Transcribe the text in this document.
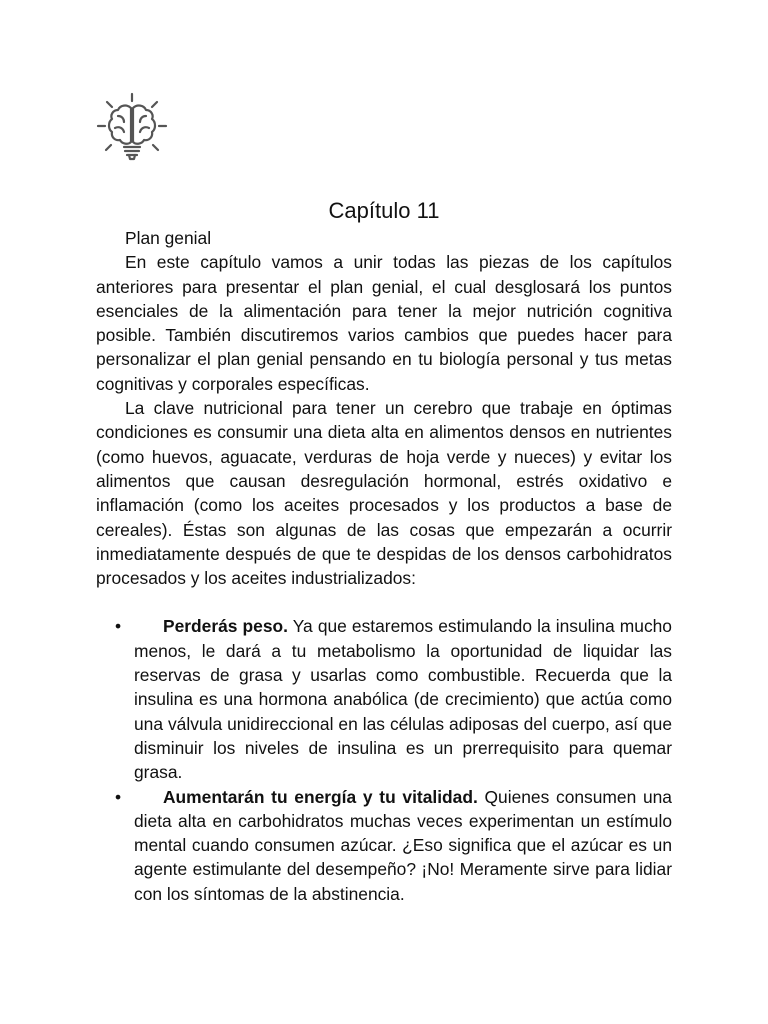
Capítulo 11

Plan genial

En este capítulo vamos a unir todas las piezas de los capítulos anteriores para presentar el plan genial, el cual desglosará los puntos esenciales de la alimentación para tener la mejor nutrición cognitiva posible. También discutiremos varios cambios que puedes hacer para personalizar el plan genial pensando en tu biología personal y tus metas cognitivas y corporales específicas.

La clave nutricional para tener un cerebro que trabaje en óptimas condiciones es consumir una dieta alta en alimentos densos en nutrientes (como huevos, aguacate, verduras de hoja verde y nueces) y evitar los alimentos que causan desregulación hormonal, estrés oxidativo e inflamación (como los aceites procesados y los productos a base de cereales). Éstas son algunas de las cosas que empezarán a ocurrir inmediatamente después de que te despidas de los densos carbohidratos procesados y los aceites industrializados:

• Perderás peso. Ya que estaremos estimulando la insulina mucho menos, le dará a tu metabolismo la oportunidad de liquidar las reservas de grasa y usarlas como combustible. Recuerda que la insulina es una hormona anabólica (de crecimiento) que actúa como una válvula unidireccional en las células adiposas del cuerpo, así que disminuir los niveles de insulina es un prerrequisito para quemar grasa.
• Aumentarán tu energía y tu vitalidad. Quienes consumen una dieta alta en carbohidratos muchas veces experimentan un estímulo mental cuando consumen azúcar. ¿Eso significa que el azúcar es un agente estimulante del desempeño? ¡No! Meramente sirve para lidiar con los síntomas de la abstinencia.
